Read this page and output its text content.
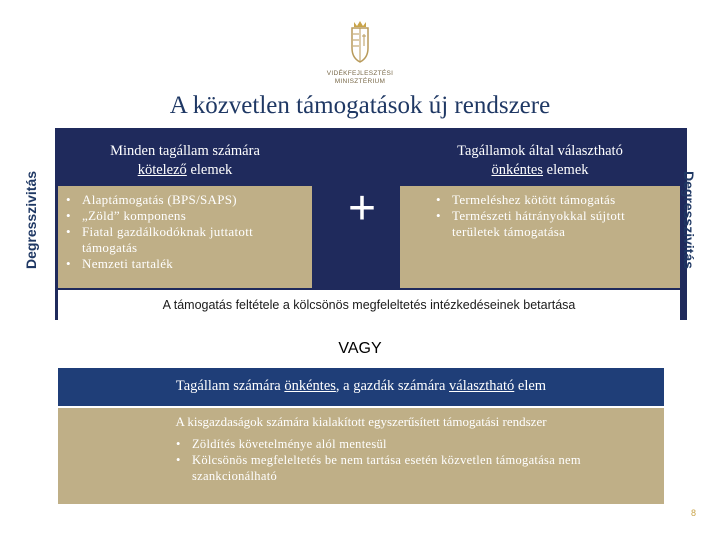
VIDÉKFEJLESZTÉSI
MINISZTÉRIUM
A közvetlen támogatások új rendszere
Degresszivitás	Degresszivitás
Minden tagállam számára
kötelező elemek
• Alaptámogatás (BPS/SAPS)
• „Zöld” komponens
• Fiatal gazdálkodóknak juttatott támogatás
• Nemzeti tartalék
+
Tagállamok által választható
önkéntes elemek
• Termeléshez kötött támogatás
• Természeti hátrányokkal sújtott területek támogatása
A támogatás feltétele a kölcsönös megfeleltetés intézkedéseinek betartása
VAGY
Tagállam számára önkéntes, a gazdák számára választható elem
A kisgazdaságok számára kialakított egyszerűsített támogatási rendszer
• Zöldítés követelménye alól mentesül
• Kölcsönös megfeleltetés be nem tartása esetén közvetlen támogatása nem szankcionálható
8
